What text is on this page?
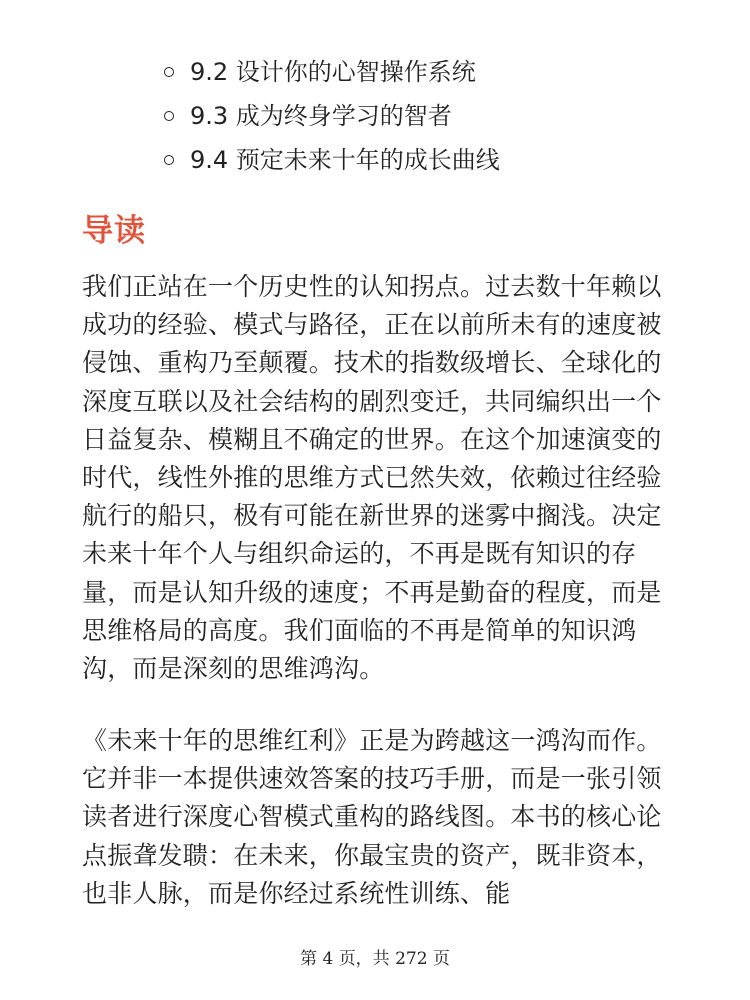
9.2 设计你的心智操作系统
9.3 成为终身学习的智者
9.4 预定未来十年的成长曲线
导读

我们正站在一个历史性的认知拐点。过去数十年赖以成功的经验、模式与路径，正在以前所未有的速度被侵蚀、重构乃至颠覆。技术的指数级增长、全球化的深度互联以及社会结构的剧烈变迁，共同编织出一个日益复杂、模糊且不确定的世界。在这个加速演变的时代，线性外推的思维方式已然失效，依赖过往经验航行的船只，极有可能在新世界的迷雾中搁浅。决定未来十年个人与组织命运的，不再是既有知识的存量，而是认知升级的速度；不再是勤奋的程度，而是思维格局的高度。我们面临的不再是简单的知识鸿沟，而是深刻的思维鸿沟。

《未来十年的思维红利》正是为跨越这一鸿沟而作。它并非一本提供速效答案的技巧手册，而是一张引领读者进行深度心智模式重构的路线图。本书的核心论点振聋发聩：在未来，你最宝贵的资产，既非资本，也非人脉，而是你经过系统性训练、能

第 4 页，共 272 页
